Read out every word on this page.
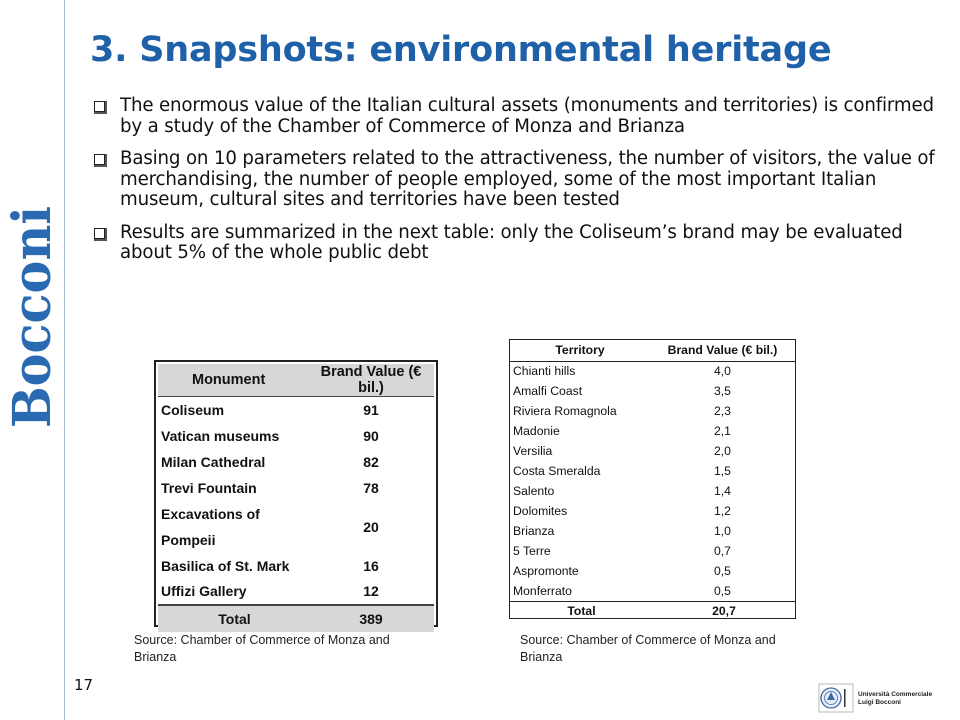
Bocconi
3. Snapshots: environmental heritage
The enormous value of the Italian cultural assets (monuments and territories) is confirmed by a study of the Chamber of Commerce of Monza and Brianza
Basing on 10 parameters related to the attractiveness, the number of visitors, the value of merchandising, the number of people employed, some of the most important Italian museum, cultural sites and territories have been tested
Results are summarized in the next table: only the Coliseum’s brand may be evaluated about 5% of the whole public debt
Monument	Brand Value (€ bil.)
Coliseum	91
Vatican museums	90
Milan Cathedral	82
Trevi Fountain	78
Excavations of Pompeii	20
Basilica of St. Mark	16
Uffizi Gallery	12
Total	389
Territory	Brand Value (€ bil.)
Chianti hills	4,0
Amalfi Coast	3,5
Riviera Romagnola	2,3
Madonie	2,1
Versilia	2,0
Costa Smeralda	1,5
Salento	1,4
Dolomites	1,2
Brianza	1,0
5 Terre	0,7
Aspromonte	0,5
Monferrato	0,5
Total	20,7
Source: Chamber of Commerce of Monza and Brianza
Source: Chamber of Commerce of Monza and Brianza
17
Università Commerciale
Luigi Bocconi
